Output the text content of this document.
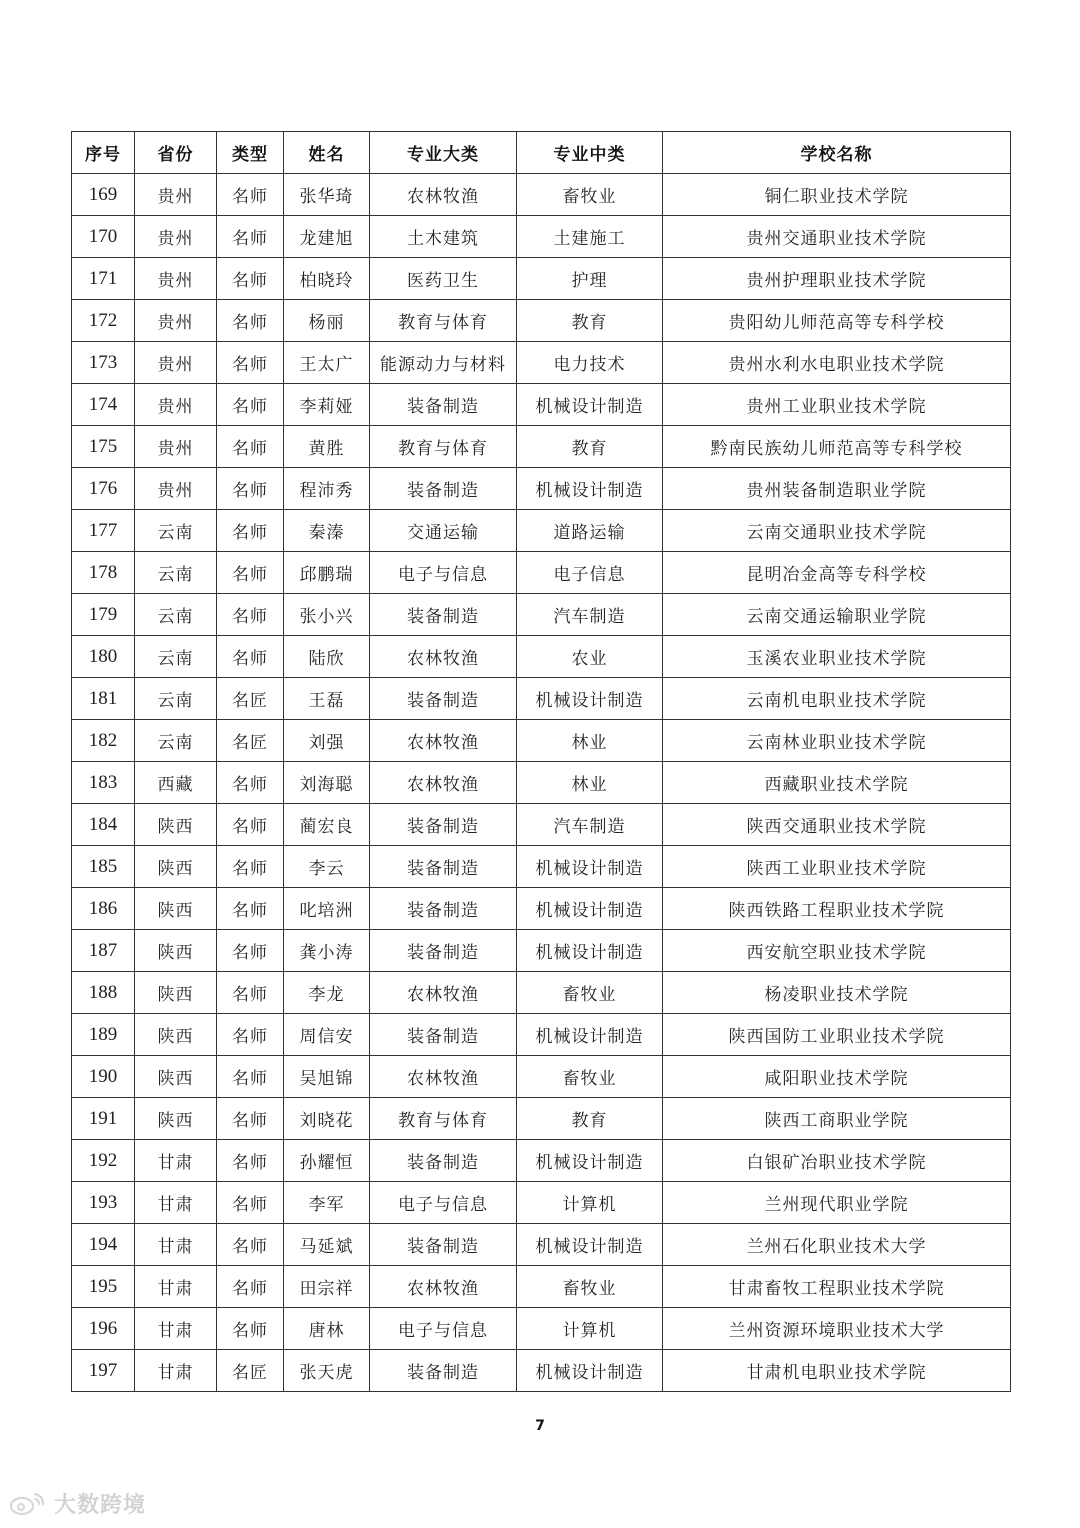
序号	省份	类型	姓名	专业大类	专业中类	学校名称
169	贵州	名师	张华琦	农林牧渔	畜牧业	铜仁职业技术学院
170	贵州	名师	龙建旭	土木建筑	土建施工	贵州交通职业技术学院
171	贵州	名师	柏晓玲	医药卫生	护理	贵州护理职业技术学院
172	贵州	名师	杨丽	教育与体育	教育	贵阳幼儿师范高等专科学校
173	贵州	名师	王太广	能源动力与材料	电力技术	贵州水利水电职业技术学院
174	贵州	名师	李莉娅	装备制造	机械设计制造	贵州工业职业技术学院
175	贵州	名师	黄胜	教育与体育	教育	黔南民族幼儿师范高等专科学校
176	贵州	名师	程沛秀	装备制造	机械设计制造	贵州装备制造职业学院
177	云南	名师	秦溱	交通运输	道路运输	云南交通职业技术学院
178	云南	名师	邱鹏瑞	电子与信息	电子信息	昆明冶金高等专科学校
179	云南	名师	张小兴	装备制造	汽车制造	云南交通运输职业学院
180	云南	名师	陆欣	农林牧渔	农业	玉溪农业职业技术学院
181	云南	名匠	王磊	装备制造	机械设计制造	云南机电职业技术学院
182	云南	名匠	刘强	农林牧渔	林业	云南林业职业技术学院
183	西藏	名师	刘海聪	农林牧渔	林业	西藏职业技术学院
184	陕西	名师	蔺宏良	装备制造	汽车制造	陕西交通职业技术学院
185	陕西	名师	李云	装备制造	机械设计制造	陕西工业职业技术学院
186	陕西	名师	叱培洲	装备制造	机械设计制造	陕西铁路工程职业技术学院
187	陕西	名师	龚小涛	装备制造	机械设计制造	西安航空职业技术学院
188	陕西	名师	李龙	农林牧渔	畜牧业	杨凌职业技术学院
189	陕西	名师	周信安	装备制造	机械设计制造	陕西国防工业职业技术学院
190	陕西	名师	吴旭锦	农林牧渔	畜牧业	咸阳职业技术学院
191	陕西	名师	刘晓花	教育与体育	教育	陕西工商职业学院
192	甘肃	名师	孙耀恒	装备制造	机械设计制造	白银矿冶职业技术学院
193	甘肃	名师	李军	电子与信息	计算机	兰州现代职业学院
194	甘肃	名师	马延斌	装备制造	机械设计制造	兰州石化职业技术大学
195	甘肃	名师	田宗祥	农林牧渔	畜牧业	甘肃畜牧工程职业技术学院
196	甘肃	名师	唐林	电子与信息	计算机	兰州资源环境职业技术大学
197	甘肃	名匠	张天虎	装备制造	机械设计制造	甘肃机电职业技术学院
7
大数跨境
